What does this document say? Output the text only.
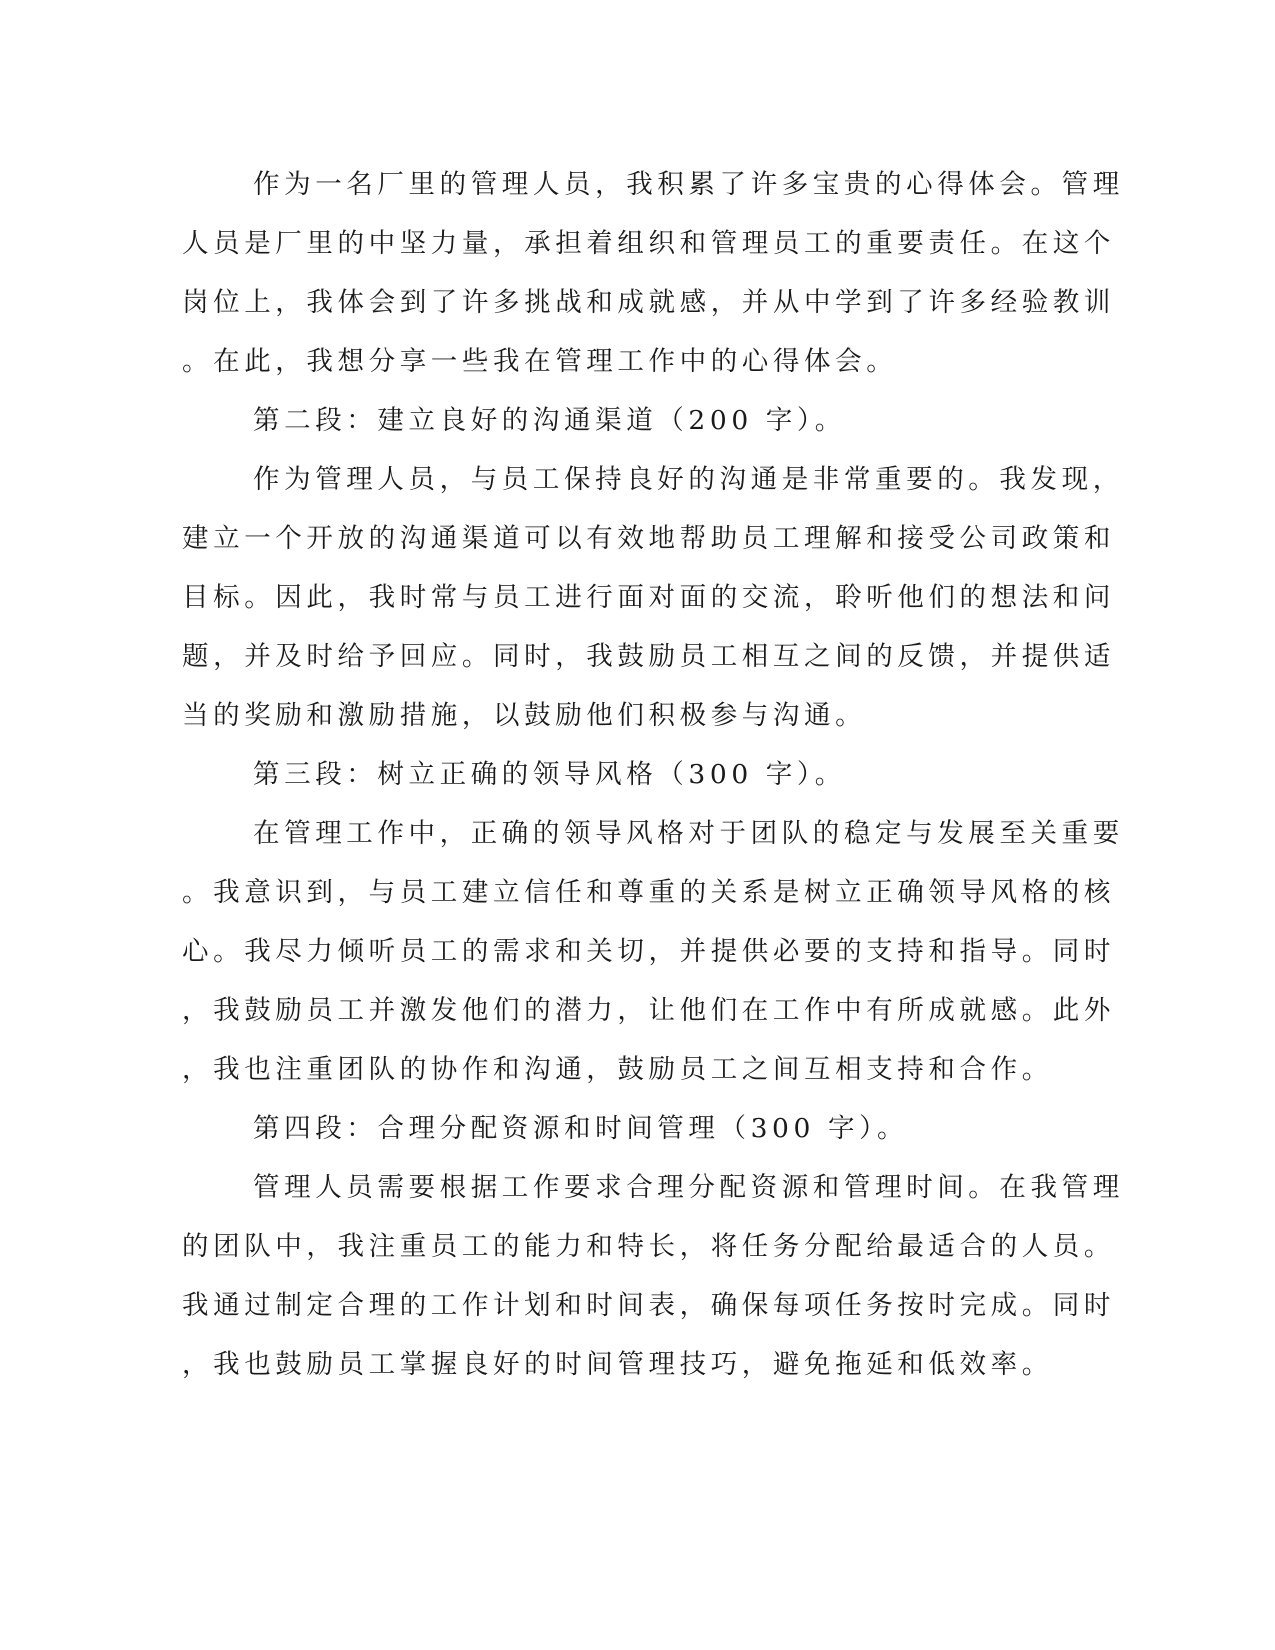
作为一名厂里的管理人员，我积累了许多宝贵的心得体会。管理
人员是厂里的中坚力量，承担着组织和管理员工的重要责任。在这个
岗位上，我体会到了许多挑战和成就感，并从中学到了许多经验教训
。在此，我想分享一些我在管理工作中的心得体会。
第二段：建立良好的沟通渠道（200 字）。
作为管理人员，与员工保持良好的沟通是非常重要的。我发现，
建立一个开放的沟通渠道可以有效地帮助员工理解和接受公司政策和
目标。因此，我时常与员工进行面对面的交流，聆听他们的想法和问
题，并及时给予回应。同时，我鼓励员工相互之间的反馈，并提供适
当的奖励和激励措施，以鼓励他们积极参与沟通。
第三段：树立正确的领导风格（300 字）。
在管理工作中，正确的领导风格对于团队的稳定与发展至关重要
。我意识到，与员工建立信任和尊重的关系是树立正确领导风格的核
心。我尽力倾听员工的需求和关切，并提供必要的支持和指导。同时
，我鼓励员工并激发他们的潜力，让他们在工作中有所成就感。此外
，我也注重团队的协作和沟通，鼓励员工之间互相支持和合作。
第四段：合理分配资源和时间管理（300 字）。
管理人员需要根据工作要求合理分配资源和管理时间。在我管理
的团队中，我注重员工的能力和特长，将任务分配给最适合的人员。
我通过制定合理的工作计划和时间表，确保每项任务按时完成。同时
，我也鼓励员工掌握良好的时间管理技巧，避免拖延和低效率。
